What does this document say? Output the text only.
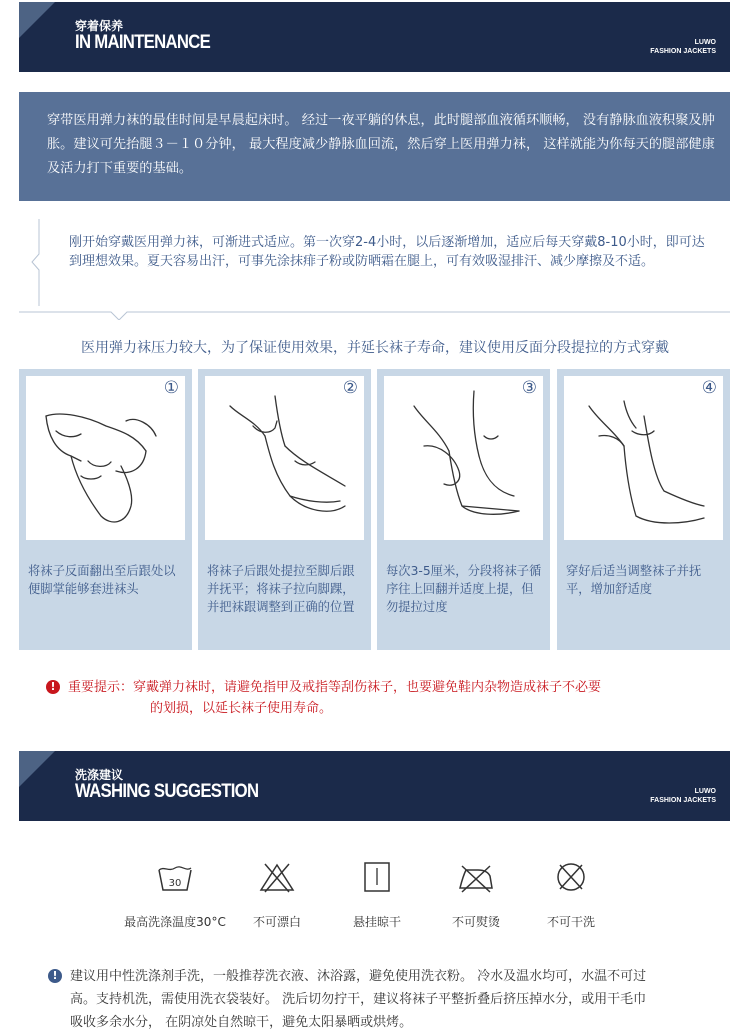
穿着保养
IN MAINTENANCE	LUWO
FASHION JACKETS

穿带医用弹力袜的最佳时间是早晨起床时。 经过一夜平躺的休息，此时腿部血液循环顺畅， 没有静脉血液积聚及肿胀。建议可先抬腿３－１０分钟， 最大程度减少静脉血回流，然后穿上医用弹力袜， 这样就能为你每天的腿部健康及活力打下重要的基础。

刚开始穿戴医用弹力袜，可渐进式适应。第一次穿2-4小时，以后逐渐增加，适应后每天穿戴8-10小时，即可达到理想效果。夏天容易出汗，可事先涂抹痱子粉或防晒霜在腿上，可有效吸湿排汗、减少摩擦及不适。

医用弹力袜压力较大，为了保证使用效果，并延长袜子寿命，建议使用反面分段提拉的方式穿戴
①
将袜子反面翻出至后跟处以便脚掌能够套进袜头
②
将袜子后跟处提拉至脚后跟并抚平；将袜子拉向脚踝，并把袜跟调整到正确的位置
③
每次3-5厘米，分段将袜子循序往上回翻并适度上提，但勿提拉过度
④
穿好后适当调整袜子并抚平，增加舒适度
! 重要提示：穿戴弹力袜时，请避免指甲及戒指等刮伤袜子，也要避免鞋内杂物造成袜子不必要
的划损，以延长袜子使用寿命。
洗涤建议
WASHING SUGGESTION	LUWO
FASHION JACKETS
30
最高洗涤温度30°C	不可漂白	悬挂晾干	不可熨烫	不可干洗
! 建议用中性洗涤剂手洗，一般推荐洗衣液、沐浴露，避免使用洗衣粉。 冷水及温水均可，水温不可过
高。支持机洗，需使用洗衣袋装好。 洗后切勿拧干，建议将袜子平整折叠后挤压掉水分，或用干毛巾
吸收多余水分， 在阴凉处自然晾干，避免太阳暴晒或烘烤。
